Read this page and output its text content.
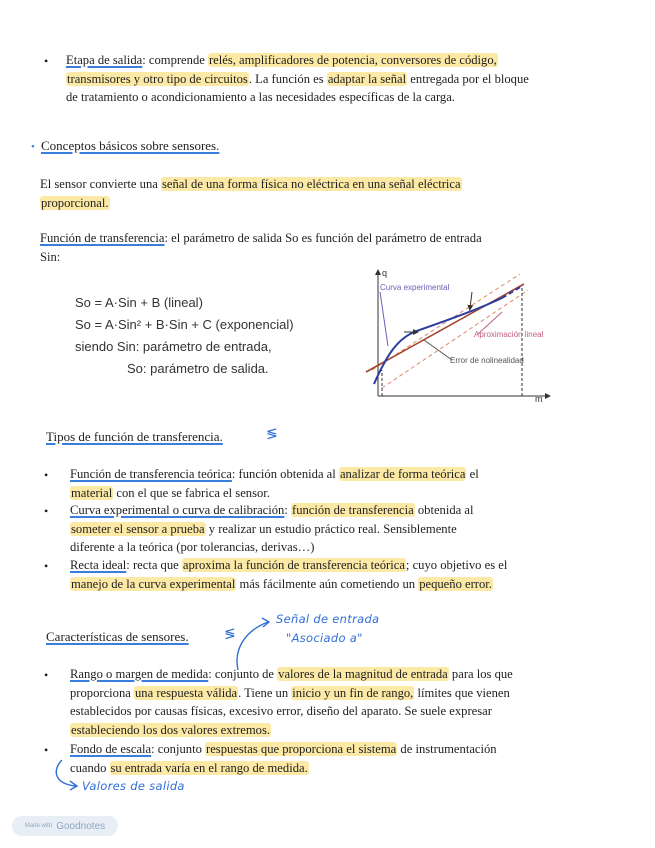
• Etapa de salida: comprende relés, amplificadores de potencia, conversores de código,
transmisores y otro tipo de circuitos. La función es adaptar la señal entregada por el bloque
de tratamiento o acondicionamiento a las necesidades específicas de la carga.

• Conceptos básicos sobre sensores.

El sensor convierte una señal de una forma física no eléctrica en una señal eléctrica
proporcional.

Función de transferencia: el parámetro de salida So es función del parámetro de entrada
Sin:

So = A·Sin + B (lineal)
So = A·Sin² + B·Sin + C (exponencial)
siendo Sin: parámetro de entrada,
So: parámetro de salida.
q
m
Curva experimental
Aproximación lineal
Error de nolinealidad
Tipos de función de transferencia.	≶
• Función de transferencia teórica: función obtenida al analizar de forma teórica el
material con el que se fabrica el sensor.

• Curva experimental o curva de calibración: función de transferencia obtenida al
someter el sensor a prueba y realizar un estudio práctico real. Sensiblemente
diferente a la teórica (por tolerancias, derivas…)

• Recta ideal: recta que aproxima la función de transferencia teórica; cuyo objetivo es el
manejo de la curva experimental más fácilmente aún cometiendo un pequeño error.

Características de sensores.	≶
Señal de entrada
"Asociado a"
• Rango o margen de medida: conjunto de valores de la magnitud de entrada para los que
proporciona una respuesta válida. Tiene un inicio y un fin de rango, límites que vienen
establecidos por causas físicas, excesivo error, diseño del aparato. Se suele expresar
estableciendo los dos valores extremos.

• Fondo de escala: conjunto respuestas que proporciona el sistema de instrumentación
cuando su entrada varía en el rango de medida.

Valores de salida
Made with Goodnotes
